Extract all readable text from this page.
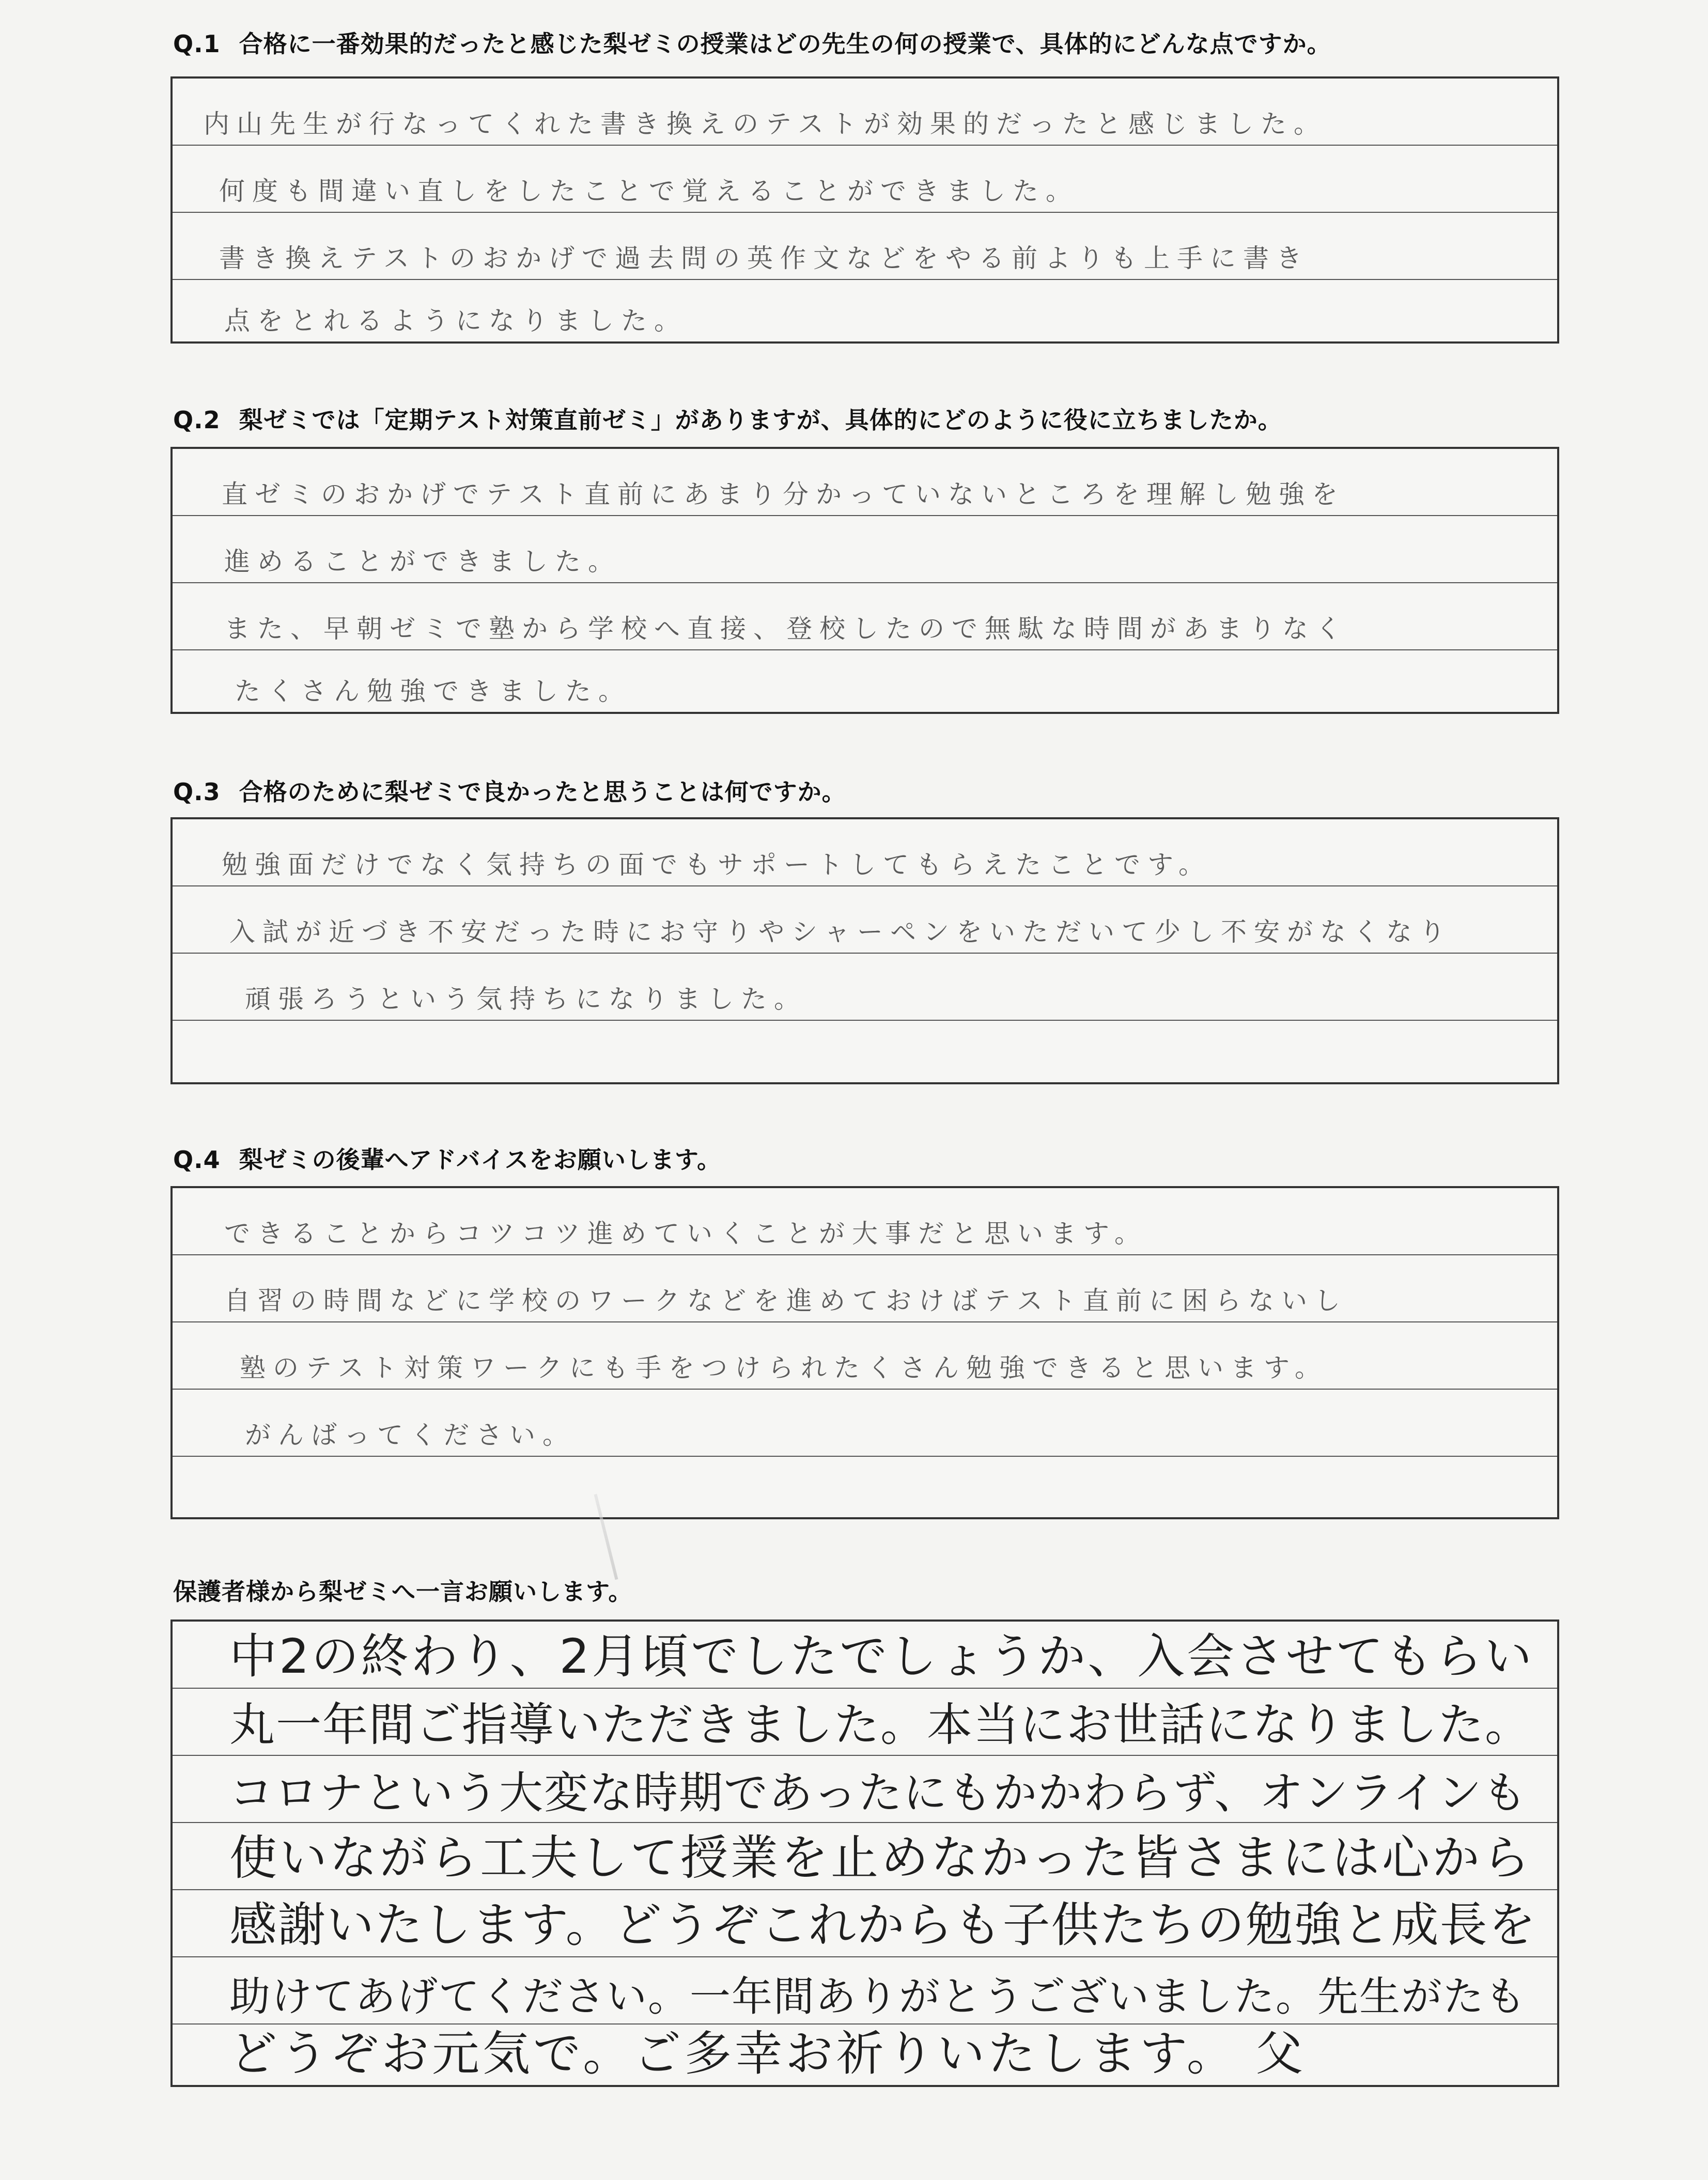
Q.1 合格に一番効果的だったと感じた梨ゼミの授業はどの先生の何の授業で、具体的にどんな点ですか。
内山先生が行なってくれた書き換えのテストが効果的だったと感じました。
何度も間違い直しをしたことで覚えることができました。
書き換えテストのおかげで過去問の英作文などをやる前よりも上手に書き
点をとれるようになりました。
Q.2 梨ゼミでは「定期テスト対策直前ゼミ」がありますが、具体的にどのように役に立ちましたか。
直ゼミのおかげでテスト直前にあまり分かっていないところを理解し勉強を
進めることができました。
また、早朝ゼミで塾から学校へ直接、登校したので無駄な時間があまりなく
たくさん勉強できました。
Q.3 合格のために梨ゼミで良かったと思うことは何ですか。
勉強面だけでなく気持ちの面でもサポートしてもらえたことです。
入試が近づき不安だった時にお守りやシャーペンをいただいて少し不安がなくなり
頑張ろうという気持ちになりました。
Q.4 梨ゼミの後輩へアドバイスをお願いします。
できることからコツコツ進めていくことが大事だと思います。
自習の時間などに学校のワークなどを進めておけばテスト直前に困らないし
塾のテスト対策ワークにも手をつけられたくさん勉強できると思います。
がんばってください。
保護者様から梨ゼミへ一言お願いします。
中2の終わり、2月頃でしたでしょうか、入会させてもらい
丸一年間ご指導いただきました。本当にお世話になりました。
コロナという大変な時期であったにもかかわらず、オンラインも
使いながら工夫して授業を止めなかった皆さまには心から
感謝いたします。どうぞこれからも子供たちの勉強と成長を
助けてあげてください。一年間ありがとうございました。先生がたも
どうぞお元気で。ご多幸お祈りいたします。 父
